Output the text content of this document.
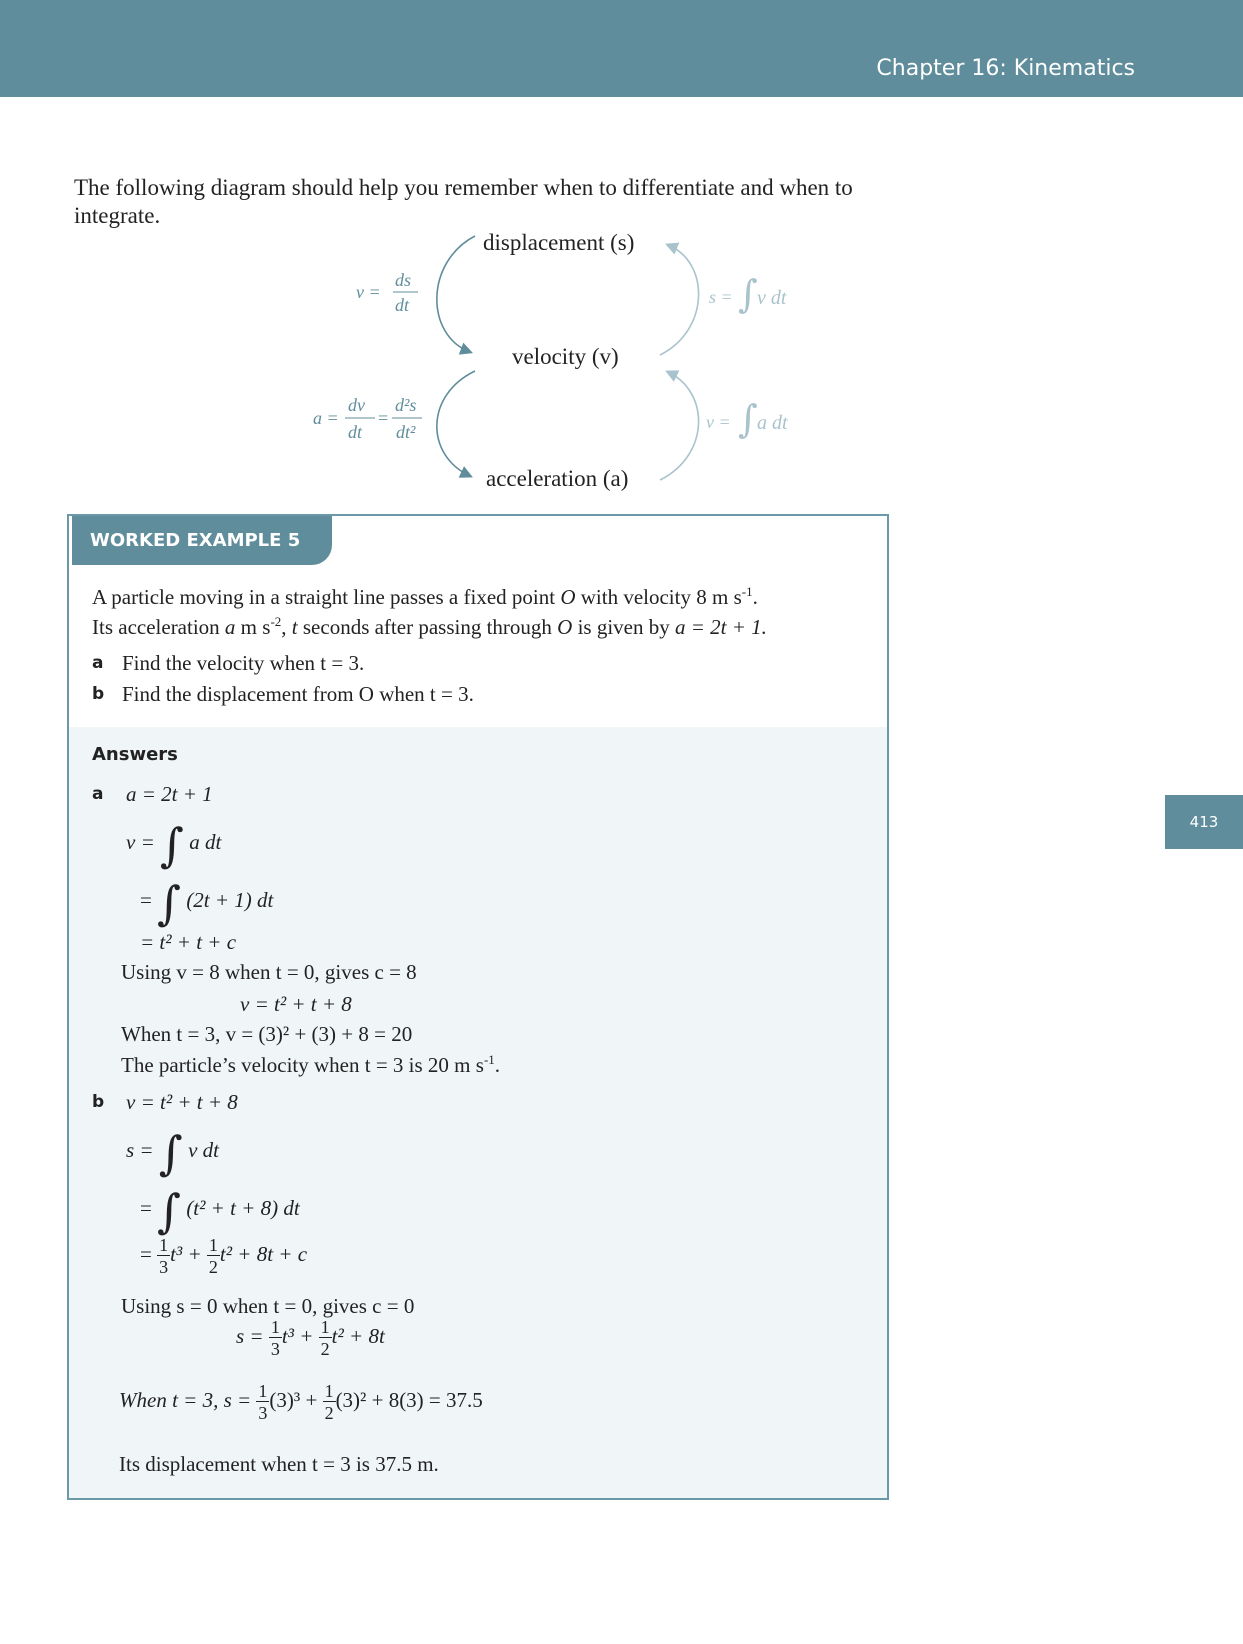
Chapter 16: Kinematics
413
The following diagram should help you remember when to differentiate and when to integrate.
displacement (s)
velocity (v)
acceleration (a)
v =
ds
dt
a =
dv
dt
=
d²s
dt²
s = ∫ v dt
v = ∫ a dt
WORKED EXAMPLE 5
A particle moving in a straight line passes a fixed point O with velocity 8 m $s^{-1}$.
Its acceleration a m $s^{-2}$, t seconds after passing through O is given by a = 2t + 1.
a Find the velocity when t = 3.
b Find the displacement from O when t = 3.
Answers
a a = 2t + 1
v = ∫ a dt
= ∫ (2t + 1) dt
= t² + t + c
Using v = 8 when t = 0, gives c = 8
v = t² + t + 8
When t = 3, v = (3)² + (3) + 8 = 20
The particle’s velocity when t = 3 is 20 m $s^{-1}$.
b v = t² + t + 8
s = ∫ v dt
= ∫ (t² + t + 8) dt
= $\frac{1}{3} t^3 + \frac{1}{2} t^2 + 8t + c$
Using s = 0 when t = 0, gives c = 0
$s = \frac{1}{3} t^3 + \frac{1}{2} t^2 + 8t$
When t = 3, $s = \frac{1}{3} (3)^3 + \frac{1}{2} (3)^2 + 8(3) = 37.5$
Its displacement when t = 3 is 37.5 m.
